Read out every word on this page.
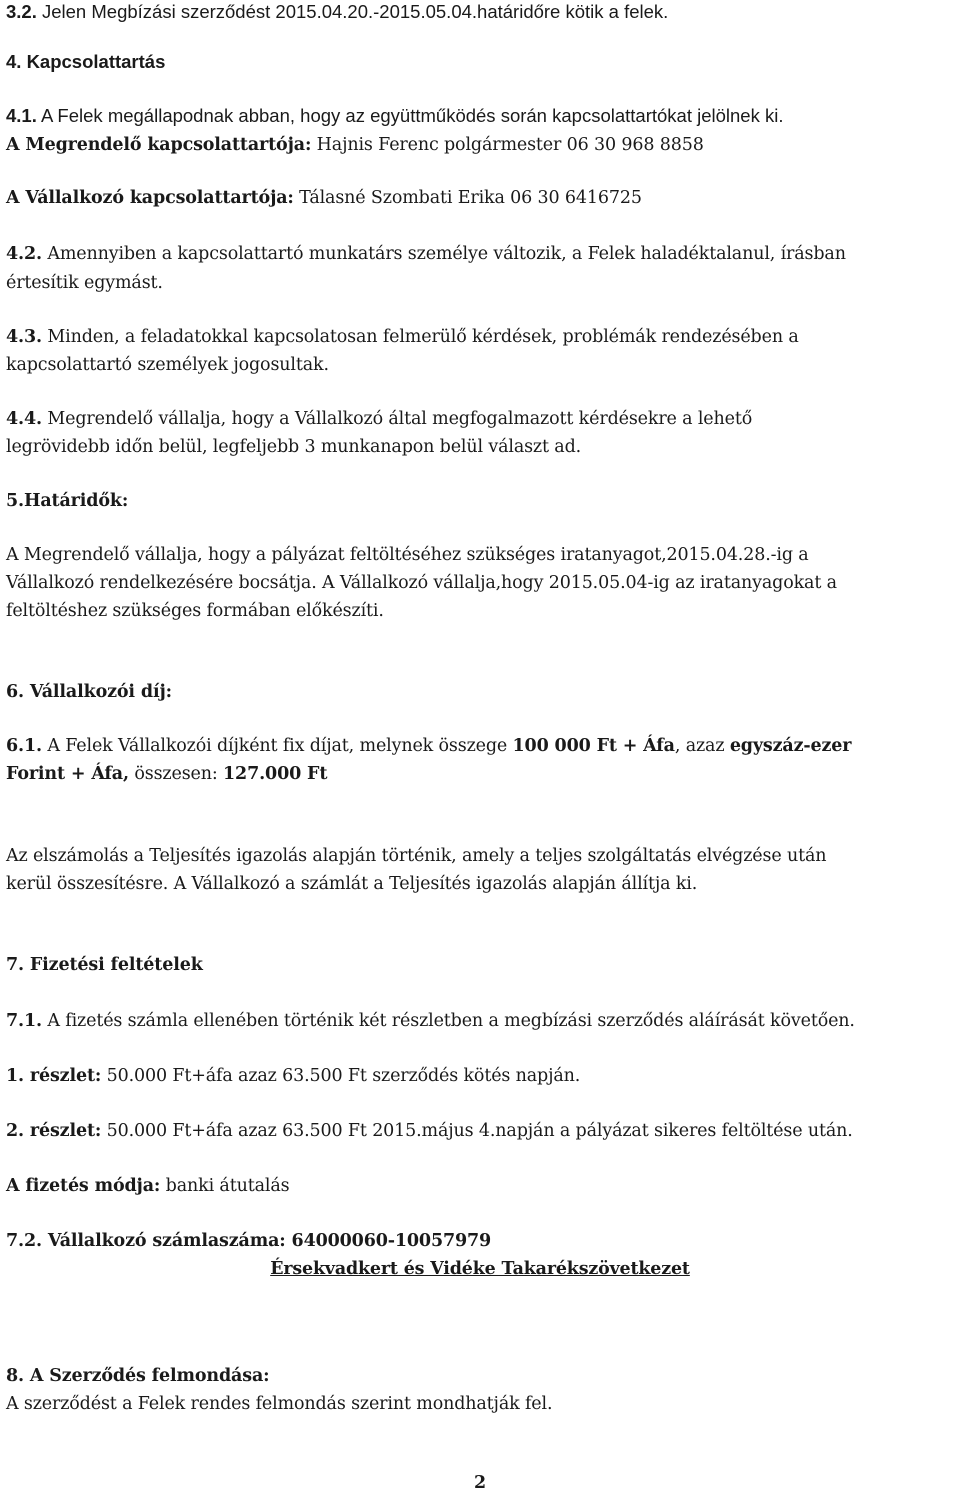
3.2. Jelen Megbízási szerződést 2015.04.20.-2015.05.04.határidőre kötik a felek.
4. Kapcsolattartás
4.1. A Felek megállapodnak abban, hogy az együttműködés során kapcsolattartókat jelölnek ki.
A Megrendelő kapcsolattartója: Hajnis Ferenc polgármester 06 30 968 8858
A Vállalkozó kapcsolattartója: Tálasné Szombati Erika 06 30 6416725
4.2. Amennyiben a kapcsolattartó munkatárs személye változik, a Felek haladéktalanul, írásban
értesítik egymást.
4.3. Minden, a feladatokkal kapcsolatosan felmerülő kérdések, problémák rendezésében a
kapcsolattartó személyek jogosultak.
4.4. Megrendelő vállalja, hogy a Vállalkozó által megfogalmazott kérdésekre a lehető
legrövidebb időn belül, legfeljebb 3 munkanapon belül választ ad.
5.Határidők:
A Megrendelő vállalja, hogy a pályázat feltöltéséhez szükséges iratanyagot,2015.04.28.-ig a
Vállalkozó rendelkezésére bocsátja. A Vállalkozó vállalja,hogy 2015.05.04-ig az iratanyagokat a
feltöltéshez szükséges formában előkészíti.
6. Vállalkozói díj:
6.1. A Felek Vállalkozói díjként fix díjat, melynek összege 100 000 Ft + Áfa, azaz egyszáz-ezer
Forint + Áfa, összesen: 127.000 Ft
Az elszámolás a Teljesítés igazolás alapján történik, amely a teljes szolgáltatás elvégzése után
kerül összesítésre. A Vállalkozó a számlát a Teljesítés igazolás alapján állítja ki.
7. Fizetési feltételek
7.1. A fizetés számla ellenében történik két részletben a megbízási szerződés aláírását követően.
1. részlet: 50.000 Ft+áfa azaz 63.500 Ft szerződés kötés napján.
2. részlet: 50.000 Ft+áfa azaz 63.500 Ft 2015.május 4.napján a pályázat sikeres feltöltése után.
A fizetés módja: banki átutalás
7.2. Vállalkozó számlaszáma: 64000060-10057979
Érsekvadkert és Vidéke Takarékszövetkezet
8. A Szerződés felmondása:
A szerződést a Felek rendes felmondás szerint mondhatják fel.
2
